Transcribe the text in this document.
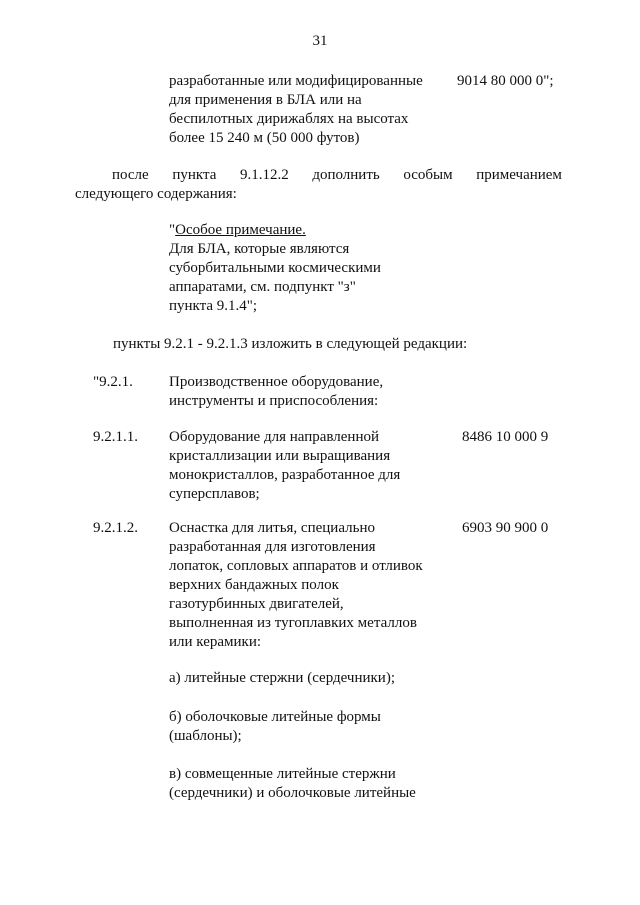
31
разработанные или модифицированные
для применения в БЛА или на
беспилотных дирижаблях на высотах
более 15 240 м (50 000 футов)
9014 80 000 0";
после пункта 9.1.12.2 дополнить особым примечанием
следующего содержания:
"Особое примечание.
Для БЛА, которые являются
суборбитальными космическими
аппаратами, см. подпункт "з"
пункта 9.1.4";
пункты 9.2.1 - 9.2.1.3 изложить в следующей редакции:
"9.2.1. Производственное оборудование,
инструменты и приспособления:
9.2.1.1. Оборудование для направленной
кристаллизации или выращивания
монокристаллов, разработанное для
суперсплавов;
8486 10 000 9
9.2.1.2. Оснастка для литья, специально
разработанная для изготовления
лопаток, сопловых аппаратов и отливок
верхних бандажных полок
газотурбинных двигателей,
выполненная из тугоплавких металлов
или керамики:
6903 90 900 0
а) литейные стержни (сердечники);
б) оболочковые литейные формы
(шаблоны);
в) совмещенные литейные стержни
(сердечники) и оболочковые литейные
